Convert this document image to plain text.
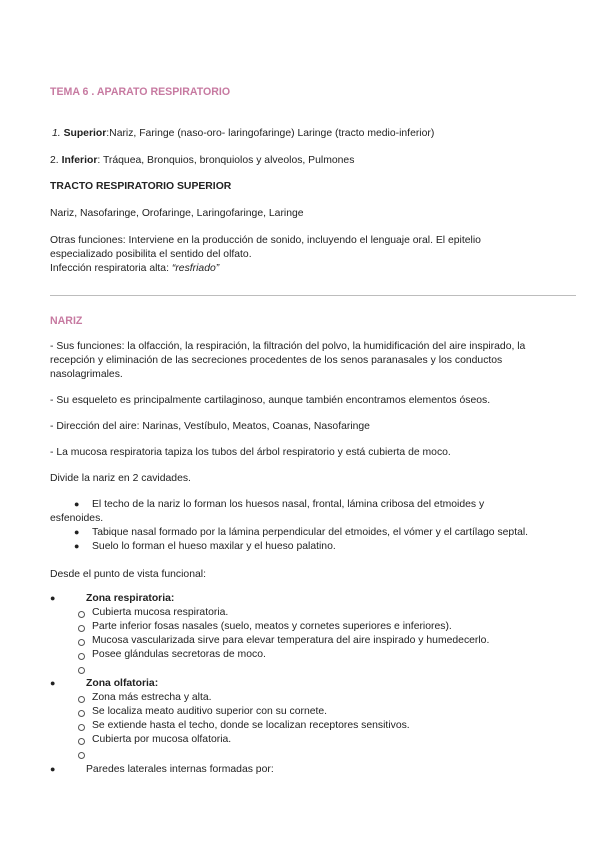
TEMA 6 . APARATO RESPIRATORIO
1. Superior:Nariz, Faringe (naso-oro- laringofaringe) Laringe (tracto medio-inferior)
2. Inferior: Tráquea, Bronquios, bronquiolos y alveolos, Pulmones
TRACTO RESPIRATORIO SUPERIOR
Nariz, Nasofaringe, Orofaringe, Laringofaringe, Laringe
Otras funciones: Interviene en la producción de sonido, incluyendo el lenguaje oral. El epitelio
especializado posibilita el sentido del olfato.
Infección respiratoria alta: “resfriado”
NARIZ
- Sus funciones: la olfacción, la respiración, la filtración del polvo, la humidificación del aire inspirado, la
recepción y eliminación de las secreciones procedentes de los senos paranasales y los conductos
nasolagrimales.
- Su esqueleto es principalmente cartilaginoso, aunque también encontramos elementos óseos.
- Dirección del aire: Narinas, Vestíbulo, Meatos, Coanas, Nasofaringe
- La mucosa respiratoria tapiza los tubos del árbol respiratorio y está cubierta de moco.
Divide la nariz en 2 cavidades.
● El techo de la nariz lo forman los huesos nasal, frontal, lámina cribosa del etmoides y
esfenoides.
● Tabique nasal formado por la lámina perpendicular del etmoides, el vómer y el cartílago septal.
● Suelo lo forman el hueso maxilar y el hueso palatino.
Desde el punto de vista funcional:
●	Zona respiratoria:
Cubierta mucosa respiratoria.
Parte inferior fosas nasales (suelo, meatos y cornetes superiores e inferiores).
Mucosa vascularizada sirve para elevar temperatura del aire inspirado y humedecerlo.
Posee glándulas secretoras de moco.
●	Zona olfatoria:
Zona más estrecha y alta.
Se localiza meato auditivo superior con su cornete.
Se extiende hasta el techo, donde se localizan receptores sensitivos.
Cubierta por mucosa olfatoria.
●	Paredes laterales internas formadas por:
